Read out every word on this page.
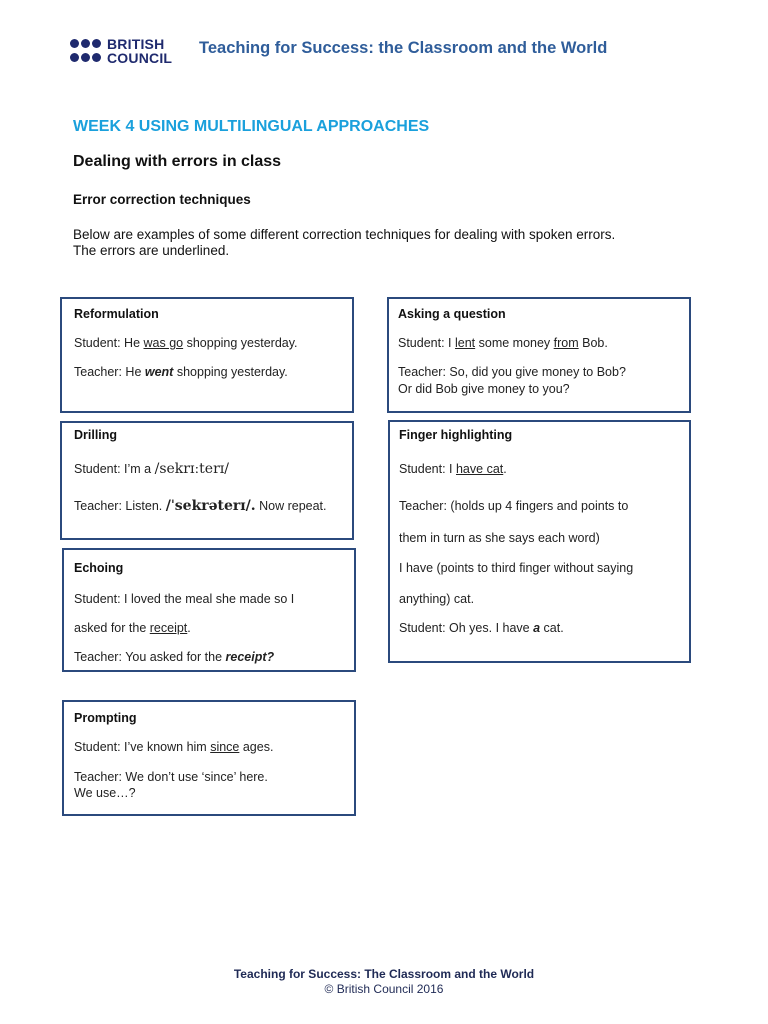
BRITISH
COUNCIL
Teaching for Success: the Classroom and the World
WEEK 4 USING MULTILINGUAL APPROACHES
Dealing with errors in class
Error correction techniques
Below are examples of some different correction techniques for dealing with spoken errors.
The errors are underlined.
Reformulation
Student: He was go shopping yesterday.
Teacher: He went shopping yesterday.
Asking a question
Student: I lent some money from Bob.
Teacher: So, did you give money to Bob?
Or did Bob give money to you?
Drilling
Student: I’m a /sekrɪːterɪ/
Teacher: Listen. /ˈsekrəterɪ/. Now repeat.
Finger highlighting
Student: I have cat.
Teacher: (holds up 4 fingers and points to
them in turn as she says each word)
I have (points to third finger without saying
anything) cat.
Student: Oh yes. I have a cat.
Echoing
Student: I loved the meal she made so I
asked for the receipt.
Teacher: You asked for the receipt?
Prompting
Student: I’ve known him since ages.
Teacher: We don’t use ‘since’ here.
We use…?
Teaching for Success: The Classroom and the World
© British Council 2016
